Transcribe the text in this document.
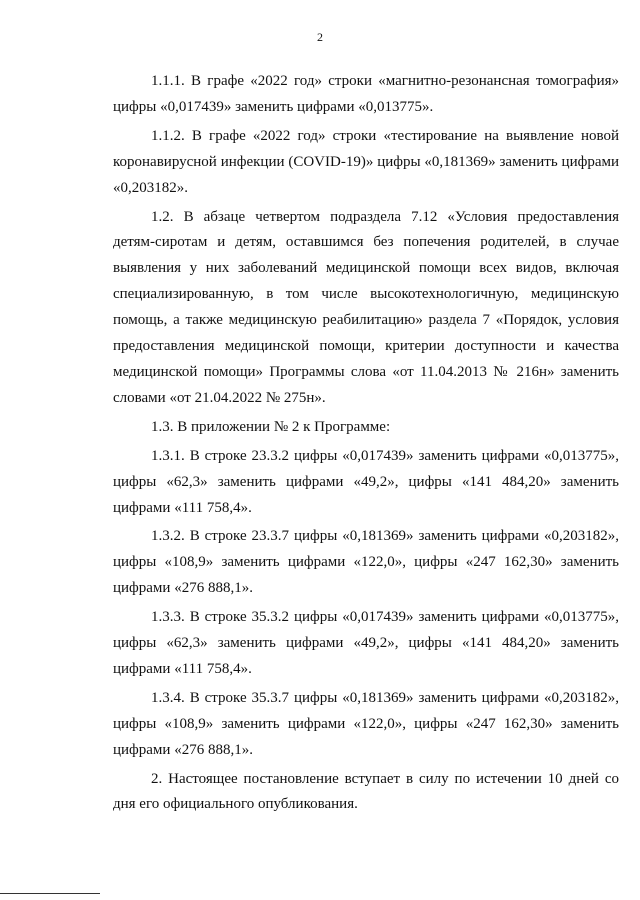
2

1.1.1. В графе «2022 год» строки «магнитно-резонансная томография» цифры «0,017439» заменить цифрами «0,013775».

1.1.2. В графе «2022 год» строки «тестирование на выявление новой коронавирусной инфекции (COVID-19)» цифры «0,181369» заменить цифрами «0,203182».

1.2. В абзаце четвертом подраздела 7.12 «Условия предоставления детям-сиротам и детям, оставшимся без попечения родителей, в случае выявления у них заболеваний медицинской помощи всех видов, включая специализированную, в том числе высокотехнологичную, медицинскую помощь, а также медицинскую реабилитацию» раздела 7 «Порядок, условия предоставления медицинской помощи, критерии доступности и качества медицинской помощи» Программы слова «от 11.04.2013 № 216н» заменить словами «от 21.04.2022 № 275н».

1.3. В приложении № 2 к Программе:

1.3.1. В строке 23.3.2 цифры «0,017439» заменить цифрами «0,013775», цифры «62,3» заменить цифрами «49,2», цифры «141 484,20» заменить цифрами «111 758,4».

1.3.2. В строке 23.3.7 цифры «0,181369» заменить цифрами «0,203182», цифры «108,9» заменить цифрами «122,0», цифры «247 162,30» заменить цифрами «276 888,1».

1.3.3. В строке 35.3.2 цифры «0,017439» заменить цифрами «0,013775», цифры «62,3» заменить цифрами «49,2», цифры «141 484,20» заменить цифрами «111 758,4».

1.3.4. В строке 35.3.7 цифры «0,181369» заменить цифрами «0,203182», цифры «108,9» заменить цифрами «122,0», цифры «247 162,30» заменить цифрами «276 888,1».

2. Настоящее постановление вступает в силу по истечении 10 дней со дня его официального опубликования.
